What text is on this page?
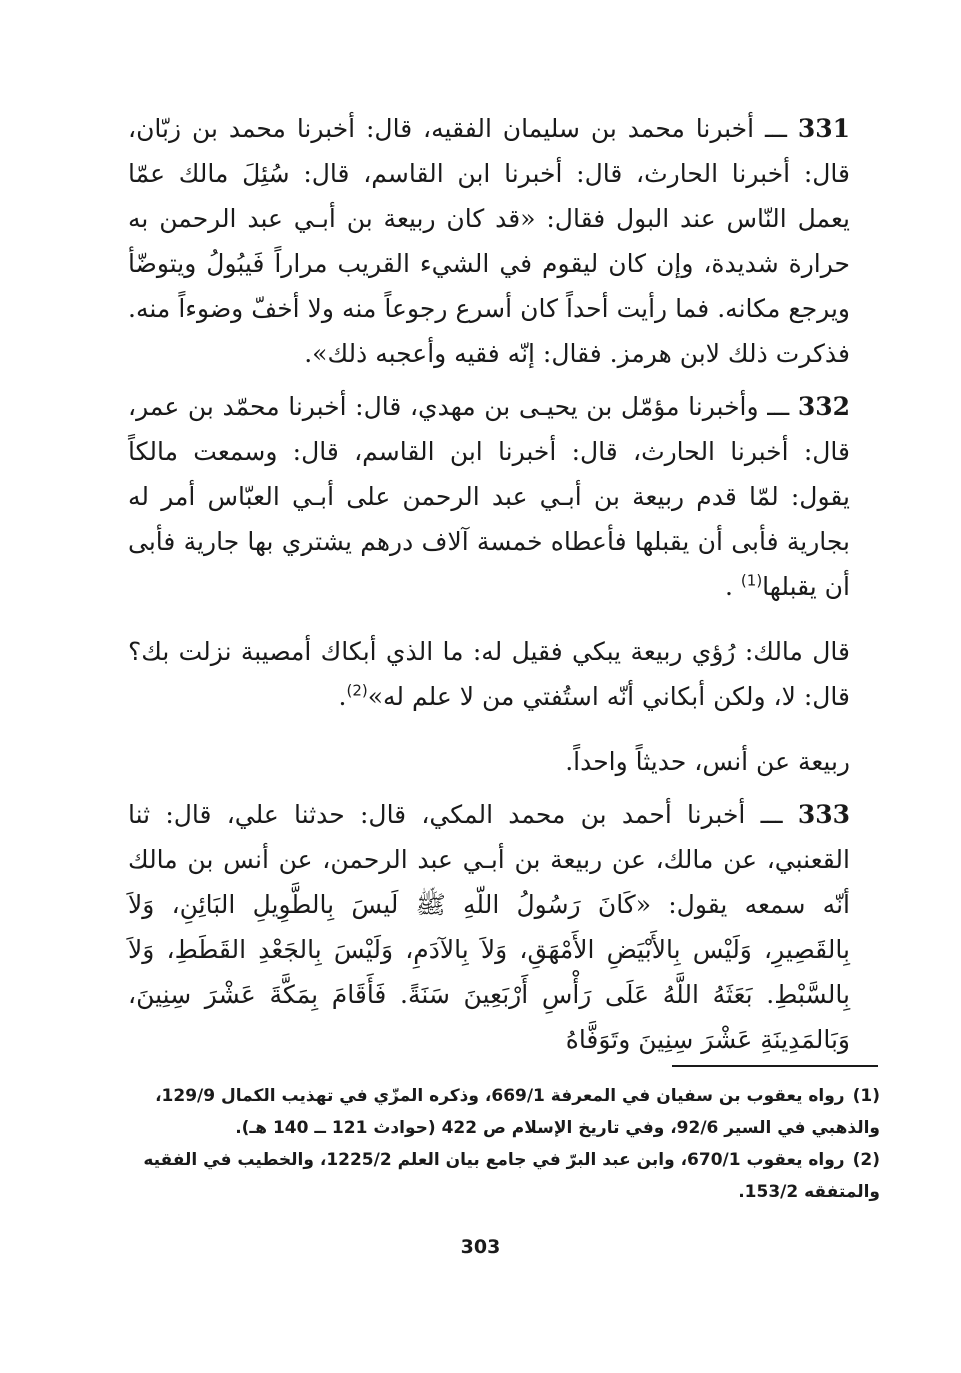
331 ـــ أخبرنا محمد بن سليمان الفقيه، قال: أخبرنا محمد بن زبّان، قال: أخبرنا الحارث، قال: أخبرنا ابن القاسم، قال: سُئِلَ مالك عمّا يعمل النّاس عند البول فقال: «قد كان ربيعة بن أبـي عبد الرحمن به حرارة شديدة، وإن كان ليقوم في الشيء القريب مراراً فَيبُولُ ويتوضّأ ويرجع مكانه. فما رأيت أحداً كان أسرع رجوعاً منه ولا أخفّ وضوءاً منه. فذكرت ذلك لابن هرمز. فقال: إنّه فقيه وأعجبه ذلك».

332 ـــ وأخبرنا مؤمّل بن يحيـى بن مهدي، قال: أخبرنا محمّد بن عمر، قال: أخبرنا الحارث، قال: أخبرنا ابن القاسم، قال: وسمعت مالكاً يقول: لمّا قدم ربيعة بن أبـي عبد الرحمن على أبـي العبّاس أمر له بجارية فأبى أن يقبلها فأعطاه خمسة آلاف درهم يشتري بها جارية فأبى أن يقبلها$^{(1)}$ .

قال مالك: رُؤي ربيعة يبكي فقيل له: ما الذي أبكاك أمصيبة نزلت بك؟ قال: لا، ولكن أبكاني أنّه استُفتي من لا علم له»$^{(2)}$.

ربيعة عن أنس، حديثاً واحداً.

333 ـــ أخبرنا أحمد بن محمد المكي، قال: حدثنا علي، قال: ثنا القعنبي، عن مالك، عن ربيعة بن أبـي عبد الرحمن، عن أنس بن مالك أنّه سمعه يقول: «كَانَ رَسُولُ اللّهِ ﷺ لَيسَ بِالطَّوِيلِ البَائِنِ، وَلاَ بِالقَصِيرِ، وَلَيْس بِالأَبْيَضِ الأَمْهَقِ، وَلاَ بِالآدَمِ، وَلَيْسَ بِالجَعْدِ القَطَطِ، وَلاَ بِالسَّبْطِ. بَعَثَهُ اللَّهُ عَلَى رَأْسِ أَرْبَعِينَ سَنَةً. فَأَقَامَ بِمَكَّةَ عَشْرَ سِنِينَ، وَبَالمَدِينَةِ عَشْرَ سِنِينَ وتَوَفَّاهُ

(1)رواه يعقوب بن سفيان في المعرفة 669/1، وذكره المزّي في تهذيب الكمال 129/9، والذهبي في السير 92/6، وفي تاريخ الإسلام ص 422 (حوادث 121 ــ 140 هـ).

(2)رواه يعقوب 670/1، وابن عبد البرّ في جامع بيان العلم 1225/2، والخطيب في الفقيه والمتفقه 153/2.

303
